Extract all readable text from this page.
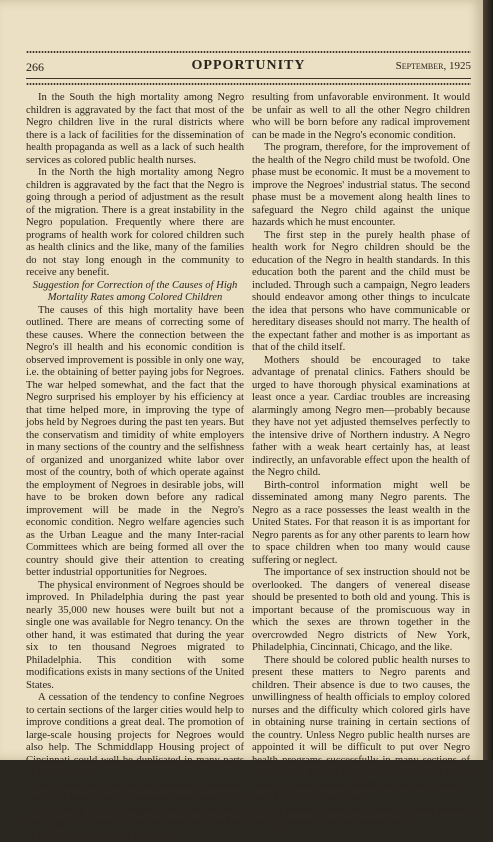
266	OPPORTUNITY	September, 1925

In the South the high mortality among Negro children is aggravated by the fact that most of the Negro children live in the rural districts where there is a lack of facilities for the dissemination of health propaganda as well as a lack of such health services as colored public health nurses.

In the North the high mortality among Negro children is aggravated by the fact that the Negro is going through a period of adjustment as the result of the migration. There is a great instability in the Negro population. Frequently where there are programs of health work for colored children such as health clinics and the like, many of the families do not stay long enough in the community to receive any benefit.

Suggestion for Correction of the Causes of High Mortality Rates among Colored Children

The causes of this high mortality have been outlined. There are means of correcting some of these causes. Where the connection between the Negro's ill health and his economic condition is observed improvement is possible in only one way, i.e. the obtaining of better paying jobs for Negroes. The war helped somewhat, and the fact that the Negro surprised his employer by his efficiency at that time helped more, in improving the type of jobs held by Negroes during the past ten years. But the conservatism and timidity of white employers in many sections of the country and the selfishness of organized and unorganized white labor over most of the country, both of which operate against the employment of Negroes in desirable jobs, will have to be broken down before any radical improvement will be made in the Negro's economic condition. Negro welfare agencies such as the Urban League and the many Inter-racial Committees which are being formed all over the country should give their attention to creating better industrial opportunities for Negroes.

The physical environment of Negroes should be improved. In Philadelphia during the past year nearly 35,000 new houses were built but not a single one was available for Negro tenancy. On the other hand, it was estimated that during the year six to ten thousand Negroes migrated to Philadelphia. This condition with some modifications exists in many sections of the United States.

A cessation of the tendency to confine Negroes to certain sections of the larger cities would help to improve conditions a great deal. The promotion of large-scale housing projects for Negroes would also help. The Schmiddlapp Housing project of Cincinnati could well be duplicated in many parts of the country.

We should not confine our attention, however, simply to improving the economic condition of the Negro family. Such a program would be unfair to the Negro child who is now suffering with rickets or tuberculosis and other diseases

resulting from unfavorable environment. It would be unfair as well to all the other Negro children who will be born before any radical improvement can be made in the Negro's economic condition.

The program, therefore, for the improvement of the health of the Negro child must be twofold. One phase must be economic. It must be a movement to improve the Negroes' industrial status. The second phase must be a movement along health lines to safeguard the Negro child against the unique hazards which he must encounter.

The first step in the purely health phase of health work for Negro children should be the education of the Negro in health standards. In this education both the parent and the child must be included. Through such a campaign, Negro leaders should endeavor among other things to inculcate the idea that persons who have communicable or hereditary diseases should not marry. The health of the expectant father and mother is as important as that of the child itself.

Mothers should be encouraged to take advantage of prenatal clinics. Fathers should be urged to have thorough physical examinations at least once a year. Cardiac troubles are increasing alarmingly among Negro men—probably because they have not yet adjusted themselves perfectly to the intensive drive of Northern industry. A Negro father with a weak heart certainly has, at least indirectly, an unfavorable effect upon the health of the Negro child.

Birth-control information might well be disseminated among many Negro parents. The Negro as a race possesses the least wealth in the United States. For that reason it is as important for Negro parents as for any other parents to learn how to space children when too many would cause suffering or neglect.

The importance of sex instruction should not be overlooked. The dangers of venereal disease should be presented to both old and young. This is important because of the promiscuous way in which the sexes are thrown together in the overcrowded Negro districts of New York, Philadelphia, Cincinnati, Chicago, and the like.

There should be colored public health nurses to present these matters to Negro parents and children. Their absence is due to two causes, the unwillingness of health officials to employ colored nurses and the difficulty which colored girls have in obtaining nurse training in certain sections of the country. Unless Negro public health nurses are appointed it will be difficult to put over Negro health programs successfully in many sections of the country. This is particularly true in the South where colored public health nurses are found in only a very few localities.

It is probable that many more colored persons than at present would patronize health
